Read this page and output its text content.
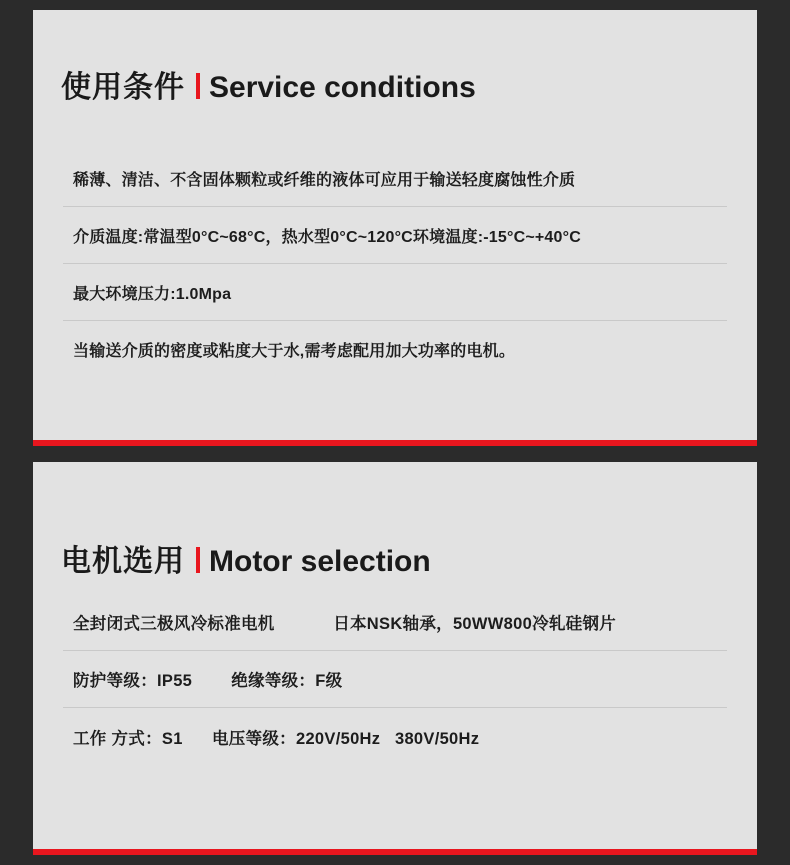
使用条件 Service conditions
稀薄、清洁、不含固体颗粒或纤维的液体可应用于输送轻度腐蚀性介质
介质温度:常温型0°C~68°C，热水型0°C~120°C环境温度:-15°C~+40°C
最大环境压力:1.0Mpa
当输送介质的密度或粘度大于水,需考虑配用加大功率的电机。
电机选用 Motor selection
全封闭式三极风冷标准电机            日本NSK轴承，50WW800冷轧硅钢片
防护等级：IP55        绝缘等级：F级
工作 方式：S1      电压等级：220V/50Hz   380V/50Hz
